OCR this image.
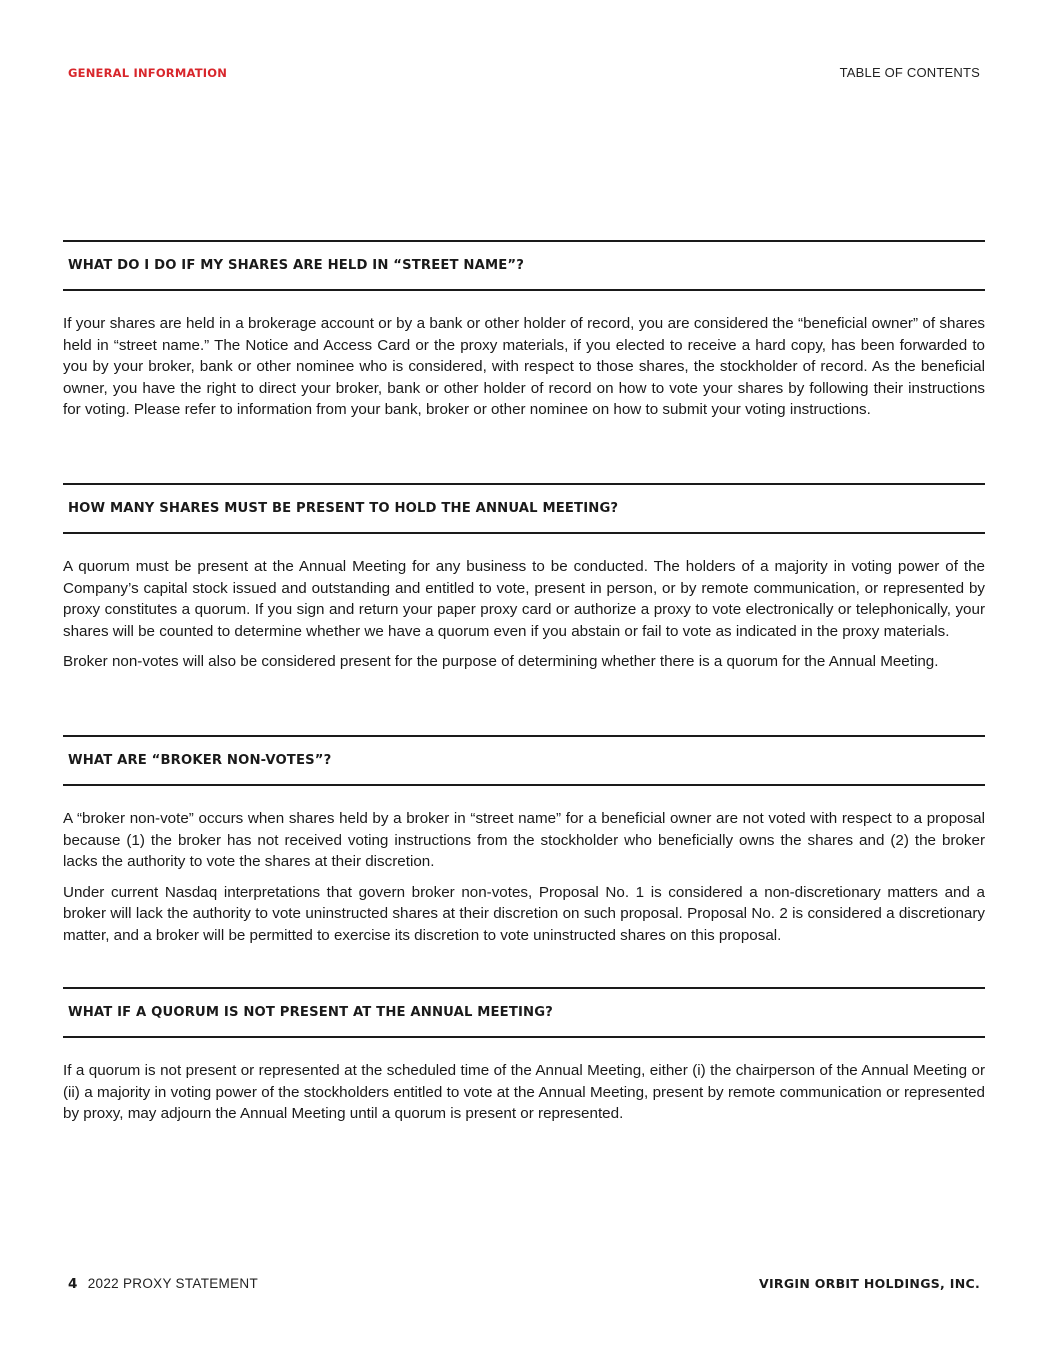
GENERAL INFORMATION	TABLE OF CONTENTS
WHAT DO I DO IF MY SHARES ARE HELD IN “STREET NAME”?

If your shares are held in a brokerage account or by a bank or other holder of record, you are considered the “beneficial owner” of shares held in “street name.” The Notice and Access Card or the proxy materials, if you elected to receive a hard copy, has been forwarded to you by your broker, bank or other nominee who is considered, with respect to those shares, the stockholder of record. As the beneficial owner, you have the right to direct your broker, bank or other holder of record on how to vote your shares by following their instructions for voting. Please refer to information from your bank, broker or other nominee on how to submit your voting instructions.

HOW MANY SHARES MUST BE PRESENT TO HOLD THE ANNUAL MEETING?

A quorum must be present at the Annual Meeting for any business to be conducted. The holders of a majority in voting power of the Company’s capital stock issued and outstanding and entitled to vote, present in person, or by remote communication, or represented by proxy constitutes a quorum. If you sign and return your paper proxy card or authorize a proxy to vote electronically or telephonically, your shares will be counted to determine whether we have a quorum even if you abstain or fail to vote as indicated in the proxy materials.

Broker non-votes will also be considered present for the purpose of determining whether there is a quorum for the Annual Meeting.

WHAT ARE “BROKER NON-VOTES”?

A “broker non-vote” occurs when shares held by a broker in “street name” for a beneficial owner are not voted with respect to a proposal because (1) the broker has not received voting instructions from the stockholder who beneficially owns the shares and (2) the broker lacks the authority to vote the shares at their discretion.

Under current Nasdaq interpretations that govern broker non-votes, Proposal No. 1 is considered a non-discretionary matters and a broker will lack the authority to vote uninstructed shares at their discretion on such proposal. Proposal No. 2 is considered a discretionary matter, and a broker will be permitted to exercise its discretion to vote uninstructed shares on this proposal.

WHAT IF A QUORUM IS NOT PRESENT AT THE ANNUAL MEETING?

If a quorum is not present or represented at the scheduled time of the Annual Meeting, either (i) the chairperson of the Annual Meeting or (ii) a majority in voting power of the stockholders entitled to vote at the Annual Meeting, present by remote communication or represented by proxy, may adjourn the Annual Meeting until a quorum is present or represented.

4 2022 PROXY STATEMENT	VIRGIN ORBIT HOLDINGS, INC.
